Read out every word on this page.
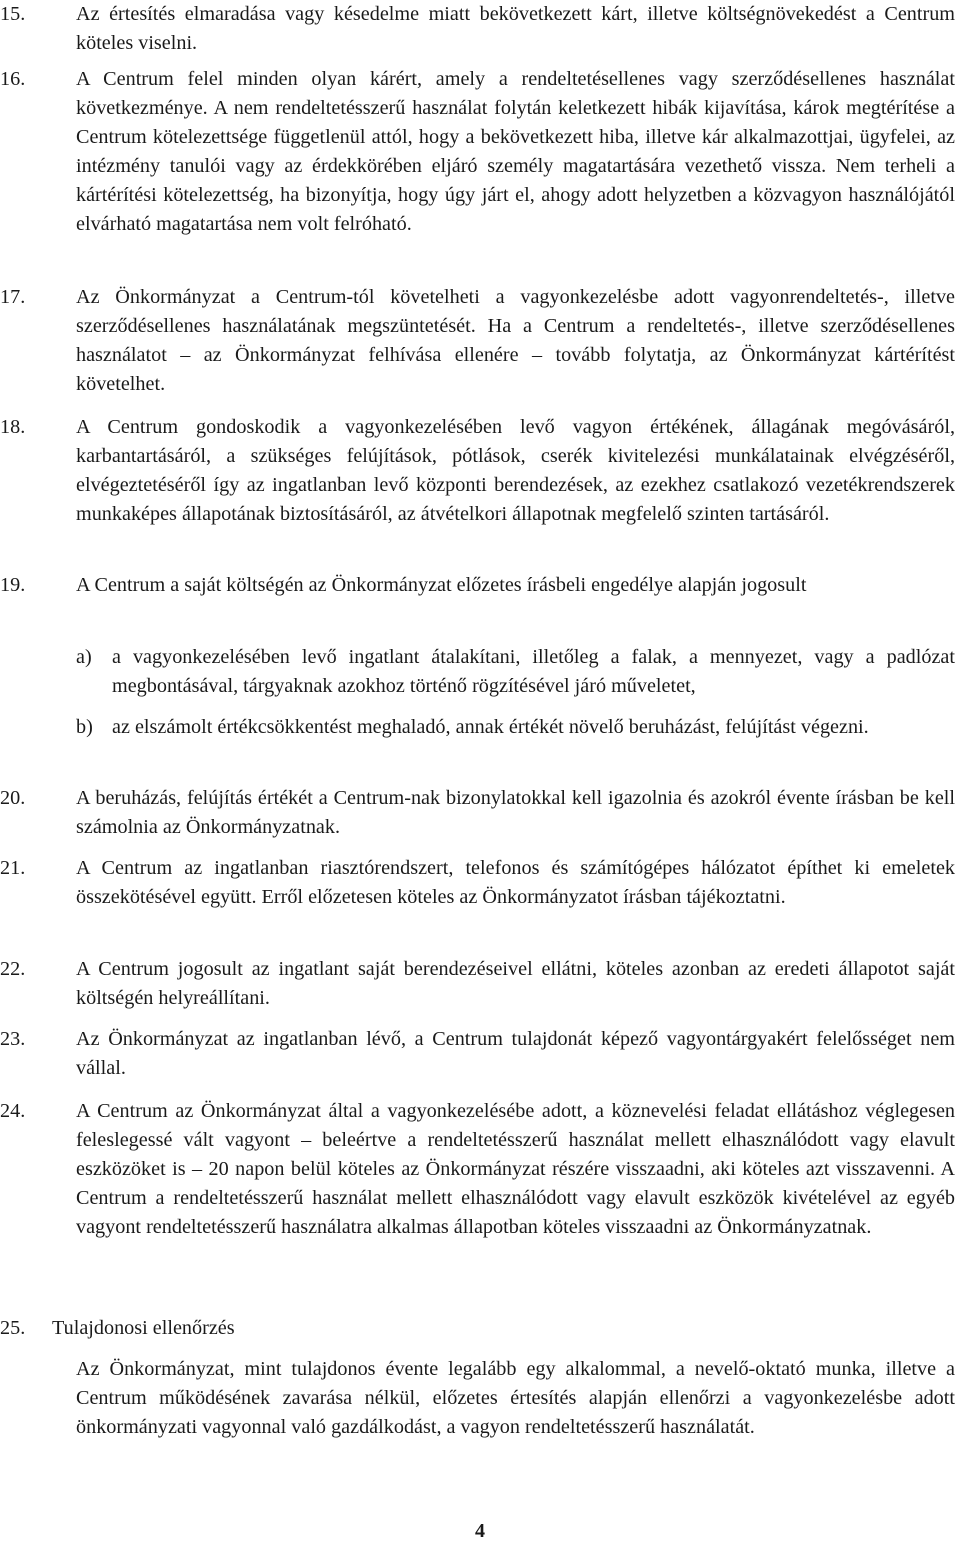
15.	Az értesítés elmaradása vagy késedelme miatt bekövetkezett kárt, illetve költségnövekedést a Centrum köteles viselni.
16.	A Centrum felel minden olyan kárért, amely a rendeltetésellenes vagy szerződésellenes használat következménye. A nem rendeltetésszerű használat folytán keletkezett hibák kijavítása, károk megtérítése a Centrum kötelezettsége függetlenül attól, hogy a bekövetkezett hiba, illetve kár alkalmazottjai, ügyfelei, az intézmény tanulói vagy az érdekkörében eljáró személy magatartására vezethető vissza. Nem terheli a kártérítési kötelezettség, ha bizonyítja, hogy úgy járt el, ahogy adott helyzetben a közvagyon használójától elvárható magatartása nem volt felróható.
17.	Az Önkormányzat a Centrum-tól követelheti a vagyonkezelésbe adott vagyonrendeltetés-, illetve szerződésellenes használatának megszüntetését. Ha a Centrum a rendeltetés-, illetve szerződésellenes használatot – az Önkormányzat felhívása ellenére – tovább folytatja, az Önkormányzat kártérítést követelhet.
18.	A Centrum gondoskodik a vagyonkezelésében levő vagyon értékének, állagának megóvásáról, karbantartásáról, a szükséges felújítások, pótlások, cserék kivitelezési munkálatainak elvégzéséről, elvégeztetéséről így az ingatlanban levő központi berendezések, az ezekhez csatlakozó vezetékrendszerek munkaképes állapotának biztosításáról, az átvételkori állapotnak megfelelő szinten tartásáról.
19.	A Centrum a saját költségén az Önkormányzat előzetes írásbeli engedélye alapján jogosult
a)	a vagyonkezelésében levő ingatlant átalakítani, illetőleg a falak, a mennyezet, vagy a padlózat megbontásával, tárgyaknak azokhoz történő rögzítésével járó műveletet,
b) az elszámolt értékcsökkentést meghaladó, annak értékét növelő beruházást, felújítást végezni.
20.	A beruházás, felújítás értékét a Centrum-nak bizonylatokkal kell igazolnia és azokról évente írásban be kell számolnia az Önkormányzatnak.
21.	A Centrum az ingatlanban riasztórendszert, telefonos és számítógépes hálózatot építhet ki emeletek összekötésével együtt. Erről előzetesen köteles az Önkormányzatot írásban tájékoztatni.
22.	A Centrum jogosult az ingatlant saját berendezéseivel ellátni, köteles azonban az eredeti állapotot saját költségén helyreállítani.
23.	Az Önkormányzat az ingatlanban lévő, a Centrum tulajdonát képező vagyontárgyakért felelősséget nem vállal.
24.	A Centrum az Önkormányzat által a vagyonkezelésébe adott, a köznevelési feladat ellátáshoz véglegesen feleslegessé vált vagyont – beleértve a rendeltetésszerű használat mellett elhasználódott vagy elavult eszközöket is – 20 napon belül köteles az Önkormányzat részére visszaadni, aki köteles azt visszavenni. A Centrum a rendeltetésszerű használat mellett elhasználódott vagy elavult eszközök kivételével az egyéb vagyont rendeltetésszerű használatra alkalmas állapotban köteles visszaadni az Önkormányzatnak.
25.	Tulajdonosi ellenőrzés
Az Önkormányzat, mint tulajdonos évente legalább egy alkalommal, a nevelő-oktató munka, illetve a Centrum működésének zavarása nélkül, előzetes értesítés alapján ellenőrzi a vagyonkezelésbe adott önkormányzati vagyonnal való gazdálkodást, a vagyon rendeltetésszerű használatát.
4
